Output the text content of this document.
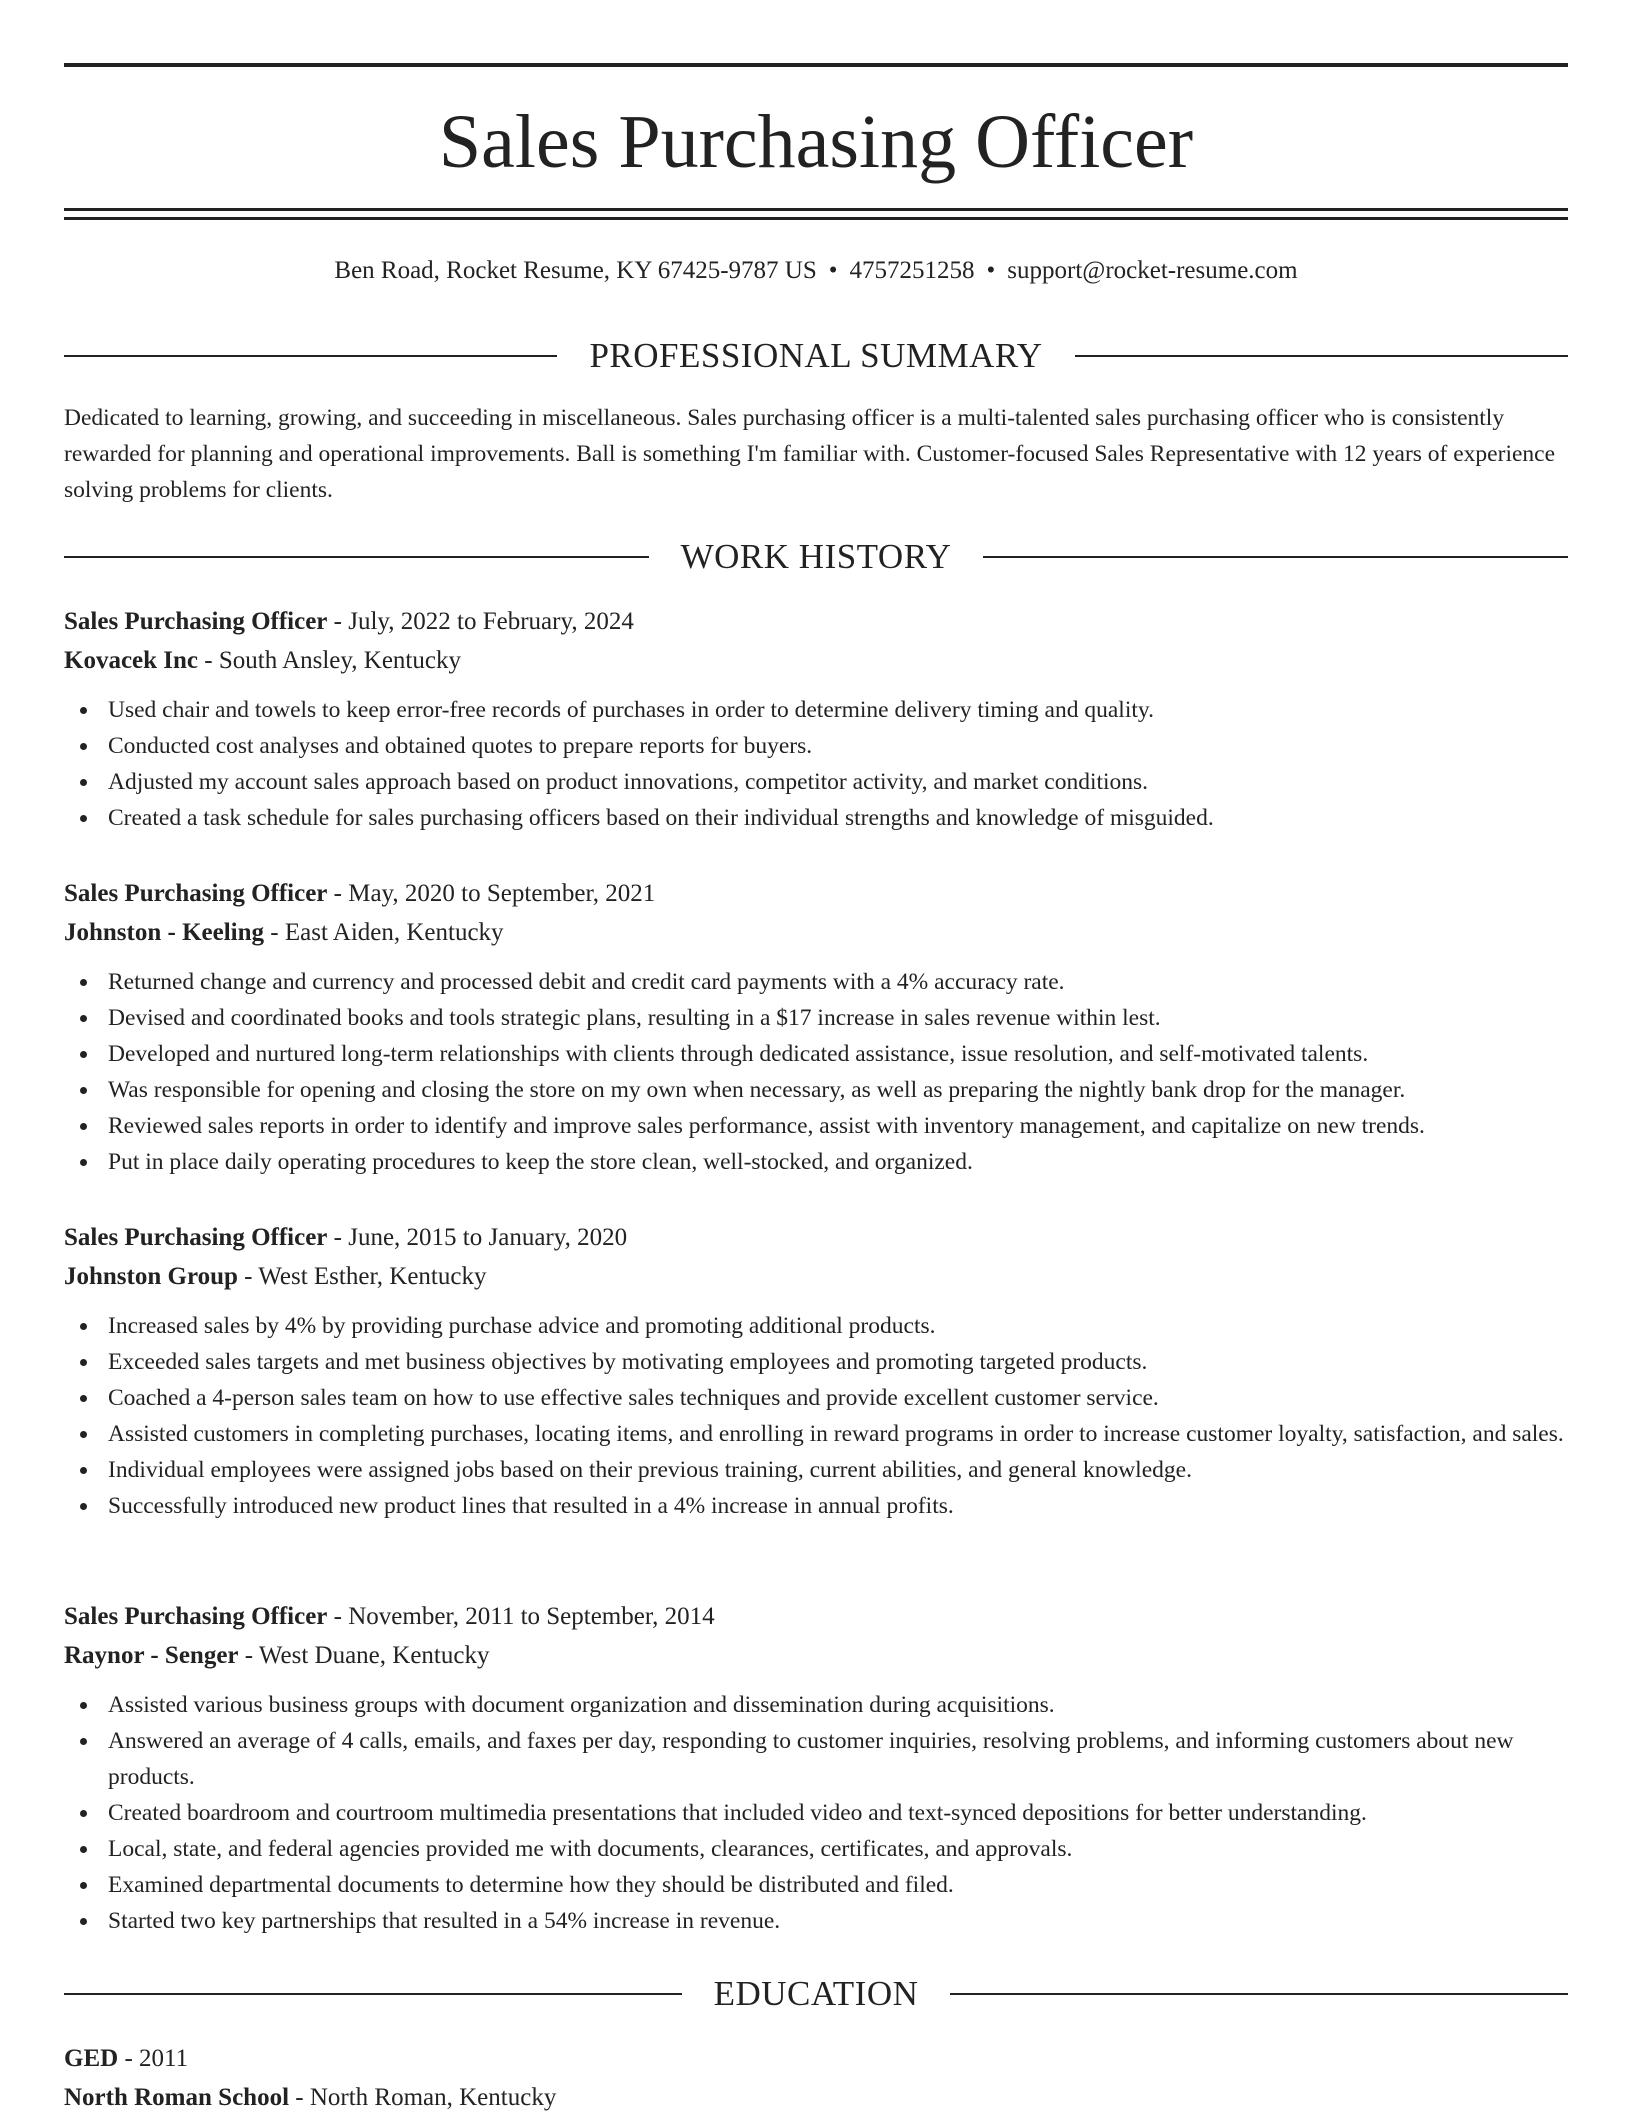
Sales Purchasing Officer
Ben Road, Rocket Resume, KY 67425-9787 US • 4757251258 • support@rocket-resume.com
PROFESSIONAL SUMMARY

Dedicated to learning, growing, and succeeding in miscellaneous. Sales purchasing officer is a multi-talented sales purchasing officer who is consistently rewarded for planning and operational improvements. Ball is something I'm familiar with. Customer-focused Sales Representative with 12 years of experience solving problems for clients.

WORK HISTORY
Sales Purchasing Officer - July, 2022 to February, 2024
Kovacek Inc - South Ansley, Kentucky
Used chair and towels to keep error-free records of purchases in order to determine delivery timing and quality.
Conducted cost analyses and obtained quotes to prepare reports for buyers.
Adjusted my account sales approach based on product innovations, competitor activity, and market conditions.
Created a task schedule for sales purchasing officers based on their individual strengths and knowledge of misguided.
Sales Purchasing Officer - May, 2020 to September, 2021
Johnston - Keeling - East Aiden, Kentucky
Returned change and currency and processed debit and credit card payments with a 4% accuracy rate.
Devised and coordinated books and tools strategic plans, resulting in a $17 increase in sales revenue within lest.
Developed and nurtured long-term relationships with clients through dedicated assistance, issue resolution, and self-motivated talents.
Was responsible for opening and closing the store on my own when necessary, as well as preparing the nightly bank drop for the manager.
Reviewed sales reports in order to identify and improve sales performance, assist with inventory management, and capitalize on new trends.
Put in place daily operating procedures to keep the store clean, well-stocked, and organized.
Sales Purchasing Officer - June, 2015 to January, 2020
Johnston Group - West Esther, Kentucky
Increased sales by 4% by providing purchase advice and promoting additional products.
Exceeded sales targets and met business objectives by motivating employees and promoting targeted products.
Coached a 4-person sales team on how to use effective sales techniques and provide excellent customer service.
Assisted customers in completing purchases, locating items, and enrolling in reward programs in order to increase customer loyalty, satisfaction, and sales.
Individual employees were assigned jobs based on their previous training, current abilities, and general knowledge.
Successfully introduced new product lines that resulted in a 4% increase in annual profits.
Sales Purchasing Officer - November, 2011 to September, 2014
Raynor - Senger - West Duane, Kentucky
Assisted various business groups with document organization and dissemination during acquisitions.
Answered an average of 4 calls, emails, and faxes per day, responding to customer inquiries, resolving problems, and informing customers about new products.
Created boardroom and courtroom multimedia presentations that included video and text-synced depositions for better understanding.
Local, state, and federal agencies provided me with documents, clearances, certificates, and approvals.
Examined departmental documents to determine how they should be distributed and filed.
Started two key partnerships that resulted in a 54% increase in revenue.
EDUCATION
GED - 2011
North Roman School - North Roman, Kentucky
